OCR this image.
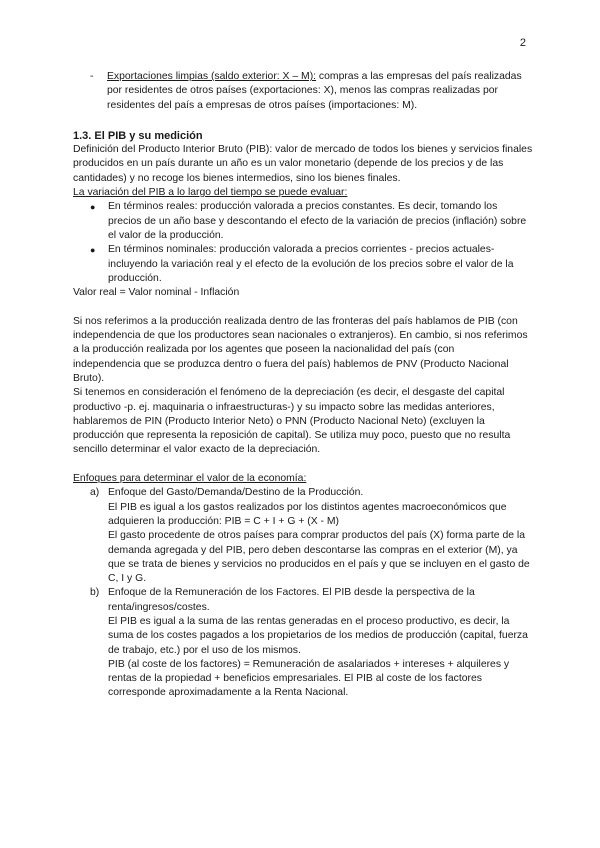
2
- Exportaciones limpias (saldo exterior: X – M): compras a las empresas del país realizadas por residentes de otros países (exportaciones: X), menos las compras realizadas por residentes del país a empresas de otros países (importaciones: M).
1.3. El PIB y su medición

Definición del Producto Interior Bruto (PIB): valor de mercado de todos los bienes y servicios finales producidos en un país durante un año es un valor monetario (depende de los precios y de las cantidades) y no recoge los bienes intermedios, sino los bienes finales.

La variación del PIB a lo largo del tiempo se puede evaluar:

● En términos reales: producción valorada a precios constantes. Es decir, tomando los precios de un año base y descontando el efecto de la variación de precios (inflación) sobre el valor de la producción.
● En términos nominales: producción valorada a precios corrientes - precios actuales- incluyendo la variación real y el efecto de la evolución de los precios sobre el valor de la producción.

Valor real = Valor nominal - Inflación

Si nos referimos a la producción realizada dentro de las fronteras del país hablamos de PIB (con independencia de que los productores sean nacionales o extranjeros). En cambio, si nos referimos a la producción realizada por los agentes que poseen la nacionalidad del país (con

independencia que se produzca dentro o fuera del país) hablemos de PNV (Producto Nacional Bruto).

Si tenemos en consideración el fenómeno de la depreciación (es decir, el desgaste del capital productivo -p. ej. maquinaria o infraestructuras-) y su impacto sobre las medidas anteriores, hablaremos de PIN (Producto Interior Neto) o PNN (Producto Nacional Neto) (excluyen la producción que representa la reposición de capital). Se utiliza muy poco, puesto que no resulta sencillo determinar el valor exacto de la depreciación.

Enfoques para determinar el valor de la economía:

a) Enfoque del Gasto/Demanda/Destino de la Producción.
El PIB es igual a los gastos realizados por los distintos agentes macroeconómicos que adquieren la producción: PIB = C + I + G + (X - M)
El gasto procedente de otros países para comprar productos del país (X) forma parte de la demanda agregada y del PIB, pero deben descontarse las compras en el exterior (M), ya que se trata de bienes y servicios no producidos en el país y que se incluyen en el gasto de C, I y G.
b) Enfoque de la Remuneración de los Factores. El PIB desde la perspectiva de la renta/ingresos/costes.
El PIB es igual a la suma de las rentas generadas en el proceso productivo, es decir, la suma de los costes pagados a los propietarios de los medios de producción (capital, fuerza de trabajo, etc.) por el uso de los mismos.
PIB (al coste de los factores) = Remuneración de asalariados + intereses + alquileres y rentas de la propiedad + beneficios empresariales. El PIB al coste de los factores corresponde aproximadamente a la Renta Nacional.
